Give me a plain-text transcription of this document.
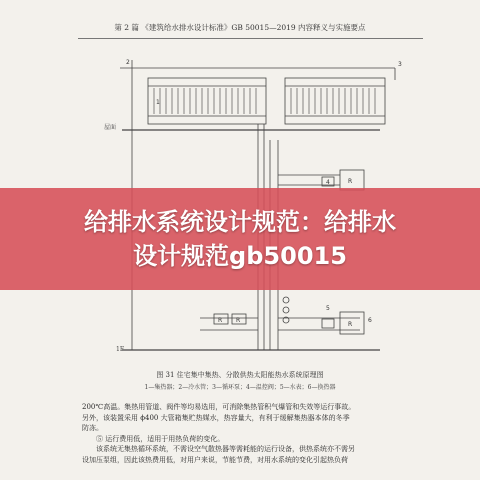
第 2 篇 《建筑给水排水设计标准》GB 50015—2019 内容释义与实施要点
2
1
3
4	R
R R
R
5
6
屋面
1F
图 31 住宅集中集热、分散供热太阳能热水系统原理图
1—集热器；2—冷水管；3—循环泵；4—温控阀；5—水表；6—换热器

200℃高温。集热用管道、阀件等均易选用，可消除集热管积气爆管和失效等运行事故。

另外，该装置采用 ϕ400 大管箱集贮热媒水，热容量大，有利于缓解集热器本体的冬季

防冻。

⑤ 运行费用低，适用于用热负荷的变化。

该系统无集热循环系统，不需设空气散热器等需耗能的运行设备，供热系统亦不需另

设加压泵组，因此该热费用低，对用户来说，节能节费，对用水系统的变化引起热负荷

给排水系统设计规范：给排水
设计规范gb50015
